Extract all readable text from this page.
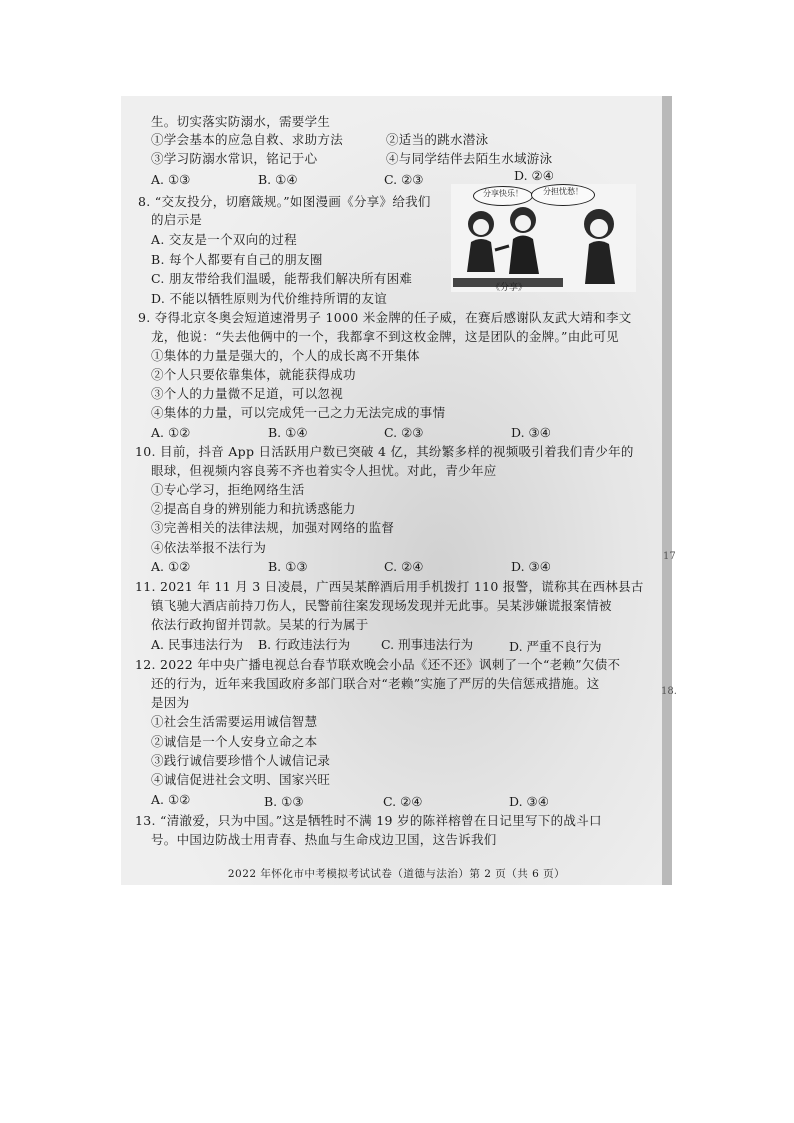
生。切实落实防溺水，需要学生
①学会基本的应急自救、求助方法	②适当的跳水潜泳
③学习防溺水常识，铭记于心	④与同学结伴去陌生水域游泳
A. ①③	B. ①④	C. ②③	D. ②④
8. “交友投分，切磨箴规。”如图漫画《分享》给我们
的启示是
A. 交友是一个双向的过程
B. 每个人都要有自己的朋友圈
C. 朋友带给我们温暖，能帮我们解决所有困难
D. 不能以牺牲原则为代价维持所谓的友谊
分享快乐！	分担忧愁！
《分享》
9. 夺得北京冬奥会短道速滑男子 1000 米金牌的任子威，在赛后感谢队友武大靖和李文
龙，他说：“失去他俩中的一个，我都拿不到这枚金牌，这是团队的金牌。”由此可见
①集体的力量是强大的，个人的成长离不开集体
②个人只要依靠集体，就能获得成功
③个人的力量微不足道，可以忽视
④集体的力量，可以完成凭一己之力无法完成的事情
A. ①②	B. ①④	C. ②③	D. ③④
10. 目前，抖音 App 日活跃用户数已突破 4 亿，其纷繁多样的视频吸引着我们青少年的
眼球，但视频内容良莠不齐也着实令人担忧。对此，青少年应
①专心学习，拒绝网络生活
②提高自身的辨别能力和抗诱惑能力
③完善相关的法律法规，加强对网络的监督
④依法举报不法行为
A. ①②	B. ①③	C. ②④	D. ③④
11. 2021 年 11 月 3 日凌晨，广西吴某醉酒后用手机拨打 110 报警，谎称其在西林县古
镇飞驰大酒店前持刀伤人，民警前往案发现场发现并无此事。吴某涉嫌谎报案情被
依法行政拘留并罚款。吴某的行为属于
A. 民事违法行为 B. 行政违法行为 C. 刑事违法行为	D. 严重不良行为
12. 2022 年中央广播电视总台春节联欢晚会小品《还不还》讽刺了一个“老赖”欠债不
还的行为，近年来我国政府多部门联合对“老赖”实施了严厉的失信惩戒措施。这
是因为
①社会生活需要运用诚信智慧
②诚信是一个人安身立命之本
③践行诚信要珍惜个人诚信记录
④诚信促进社会文明、国家兴旺
A. ①②	B. ①③	C. ②④	D. ③④
13. “清澈爱，只为中国。”这是牺牲时不满 19 岁的陈祥榕曾在日记里写下的战斗口
号。中国边防战士用青春、热血与生命戍边卫国，这告诉我们
2022 年怀化市中考模拟考试试卷（道德与法治）第 2 页（共 6 页）
17
18.
